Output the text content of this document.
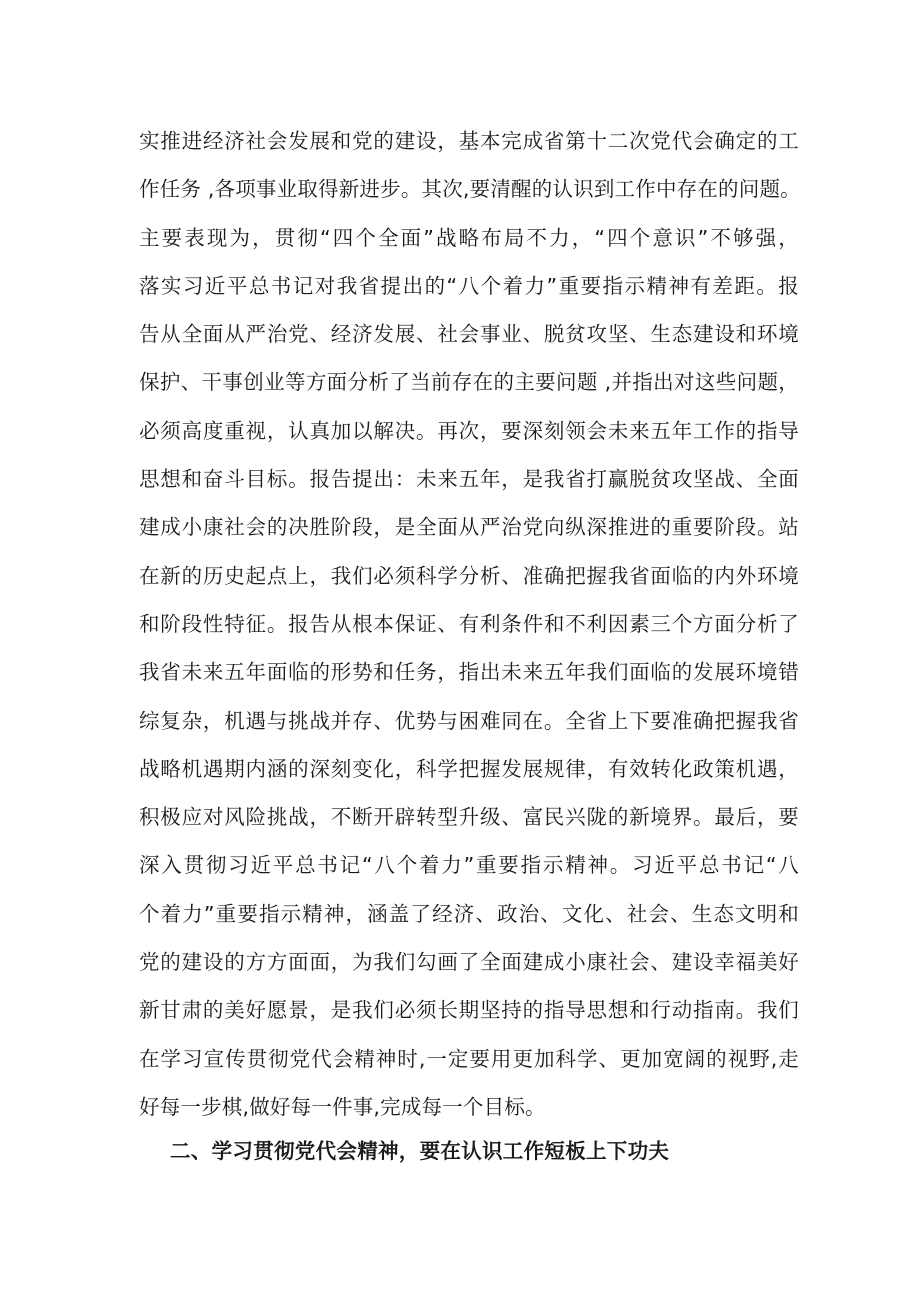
实推进经济社会发展和党的建设，基本完成省第十二次党代会确定的工
作任务 ,各项事业取得新进步。其次,要清醒的认识到工作中存在的问题。
主要表现为，贯彻“四个全面”战略布局不力，“四个意识”不够强，
落实习近平总书记对我省提出的“八个着力”重要指示精神有差距。报
告从全面从严治党、经济发展、社会事业、脱贫攻坚、生态建设和环境
保护、干事创业等方面分析了当前存在的主要问题 ,并指出对这些问题，
必须高度重视，认真加以解决。再次，要深刻领会未来五年工作的指导
思想和奋斗目标。报告提出：未来五年，是我省打赢脱贫攻坚战、全面
建成小康社会的决胜阶段，是全面从严治党向纵深推进的重要阶段。站
在新的历史起点上，我们必须科学分析、准确把握我省面临的内外环境
和阶段性特征。报告从根本保证、有利条件和不利因素三个方面分析了
我省未来五年面临的形势和任务，指出未来五年我们面临的发展环境错
综复杂，机遇与挑战并存、优势与困难同在。全省上下要准确把握我省
战略机遇期内涵的深刻变化，科学把握发展规律，有效转化政策机遇，
积极应对风险挑战，不断开辟转型升级、富民兴陇的新境界。最后，要
深入贯彻习近平总书记“八个着力”重要指示精神。习近平总书记“八
个着力”重要指示精神，涵盖了经济、政治、文化、社会、生态文明和
党的建设的方方面面，为我们勾画了全面建成小康社会、建设幸福美好
新甘肃的美好愿景，是我们必须长期坚持的指导思想和行动指南。我们
在学习宣传贯彻党代会精神时,一定要用更加科学、更加宽阔的视野,走
好每一步棋,做好每一件事,完成每一个目标。
二、学习贯彻党代会精神，要在认识工作短板上下功夫
